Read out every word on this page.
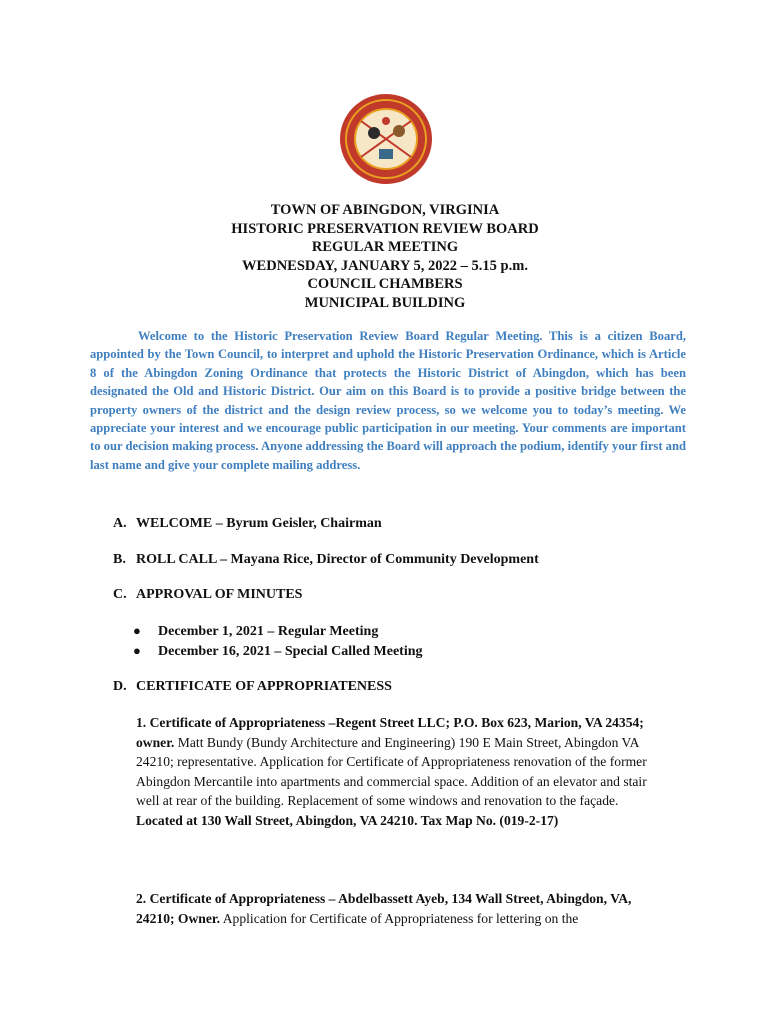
TOWN OF ABINGDON, VIRGINIA
HISTORIC PRESERVATION REVIEW BOARD
REGULAR MEETING
WEDNESDAY, JANUARY 5, 2022 – 5.15 p.m.
COUNCIL CHAMBERS
MUNICIPAL BUILDING
Welcome to the Historic Preservation Review Board Regular Meeting. This is a citizen Board, appointed by the Town Council, to interpret and uphold the Historic Preservation Ordinance, which is Article 8 of the Abingdon Zoning Ordinance that protects the Historic District of Abingdon, which has been designated the Old and Historic District. Our aim on this Board is to provide a positive bridge between the property owners of the district and the design review process, so we welcome you to today’s meeting. We appreciate your interest and we encourage public participation in our meeting. Your comments are important to our decision making process. Anyone addressing the Board will approach the podium, identify your first and last name and give your complete mailing address.
A. WELCOME – Byrum Geisler, Chairman
B. ROLL CALL – Mayana Rice, Director of Community Development
C. APPROVAL OF MINUTES
● December 1, 2021 – Regular Meeting
● December 16, 2021 – Special Called Meeting
D. CERTIFICATE OF APPROPRIATENESS
1. Certificate of Appropriateness –Regent Street LLC; P.O. Box 623, Marion, VA 24354; owner. Matt Bundy (Bundy Architecture and Engineering) 190 E Main Street, Abingdon VA 24210; representative. Application for Certificate of Appropriateness renovation of the former Abingdon Mercantile into apartments and commercial space. Addition of an elevator and stair well at rear of the building. Replacement of some windows and renovation to the façade. Located at 130 Wall Street, Abingdon, VA 24210. Tax Map No. (019-2-17)
2. Certificate of Appropriateness – Abdelbassett Ayeb, 134 Wall Street, Abingdon, VA, 24210; Owner. Application for Certificate of Appropriateness for lettering on the
